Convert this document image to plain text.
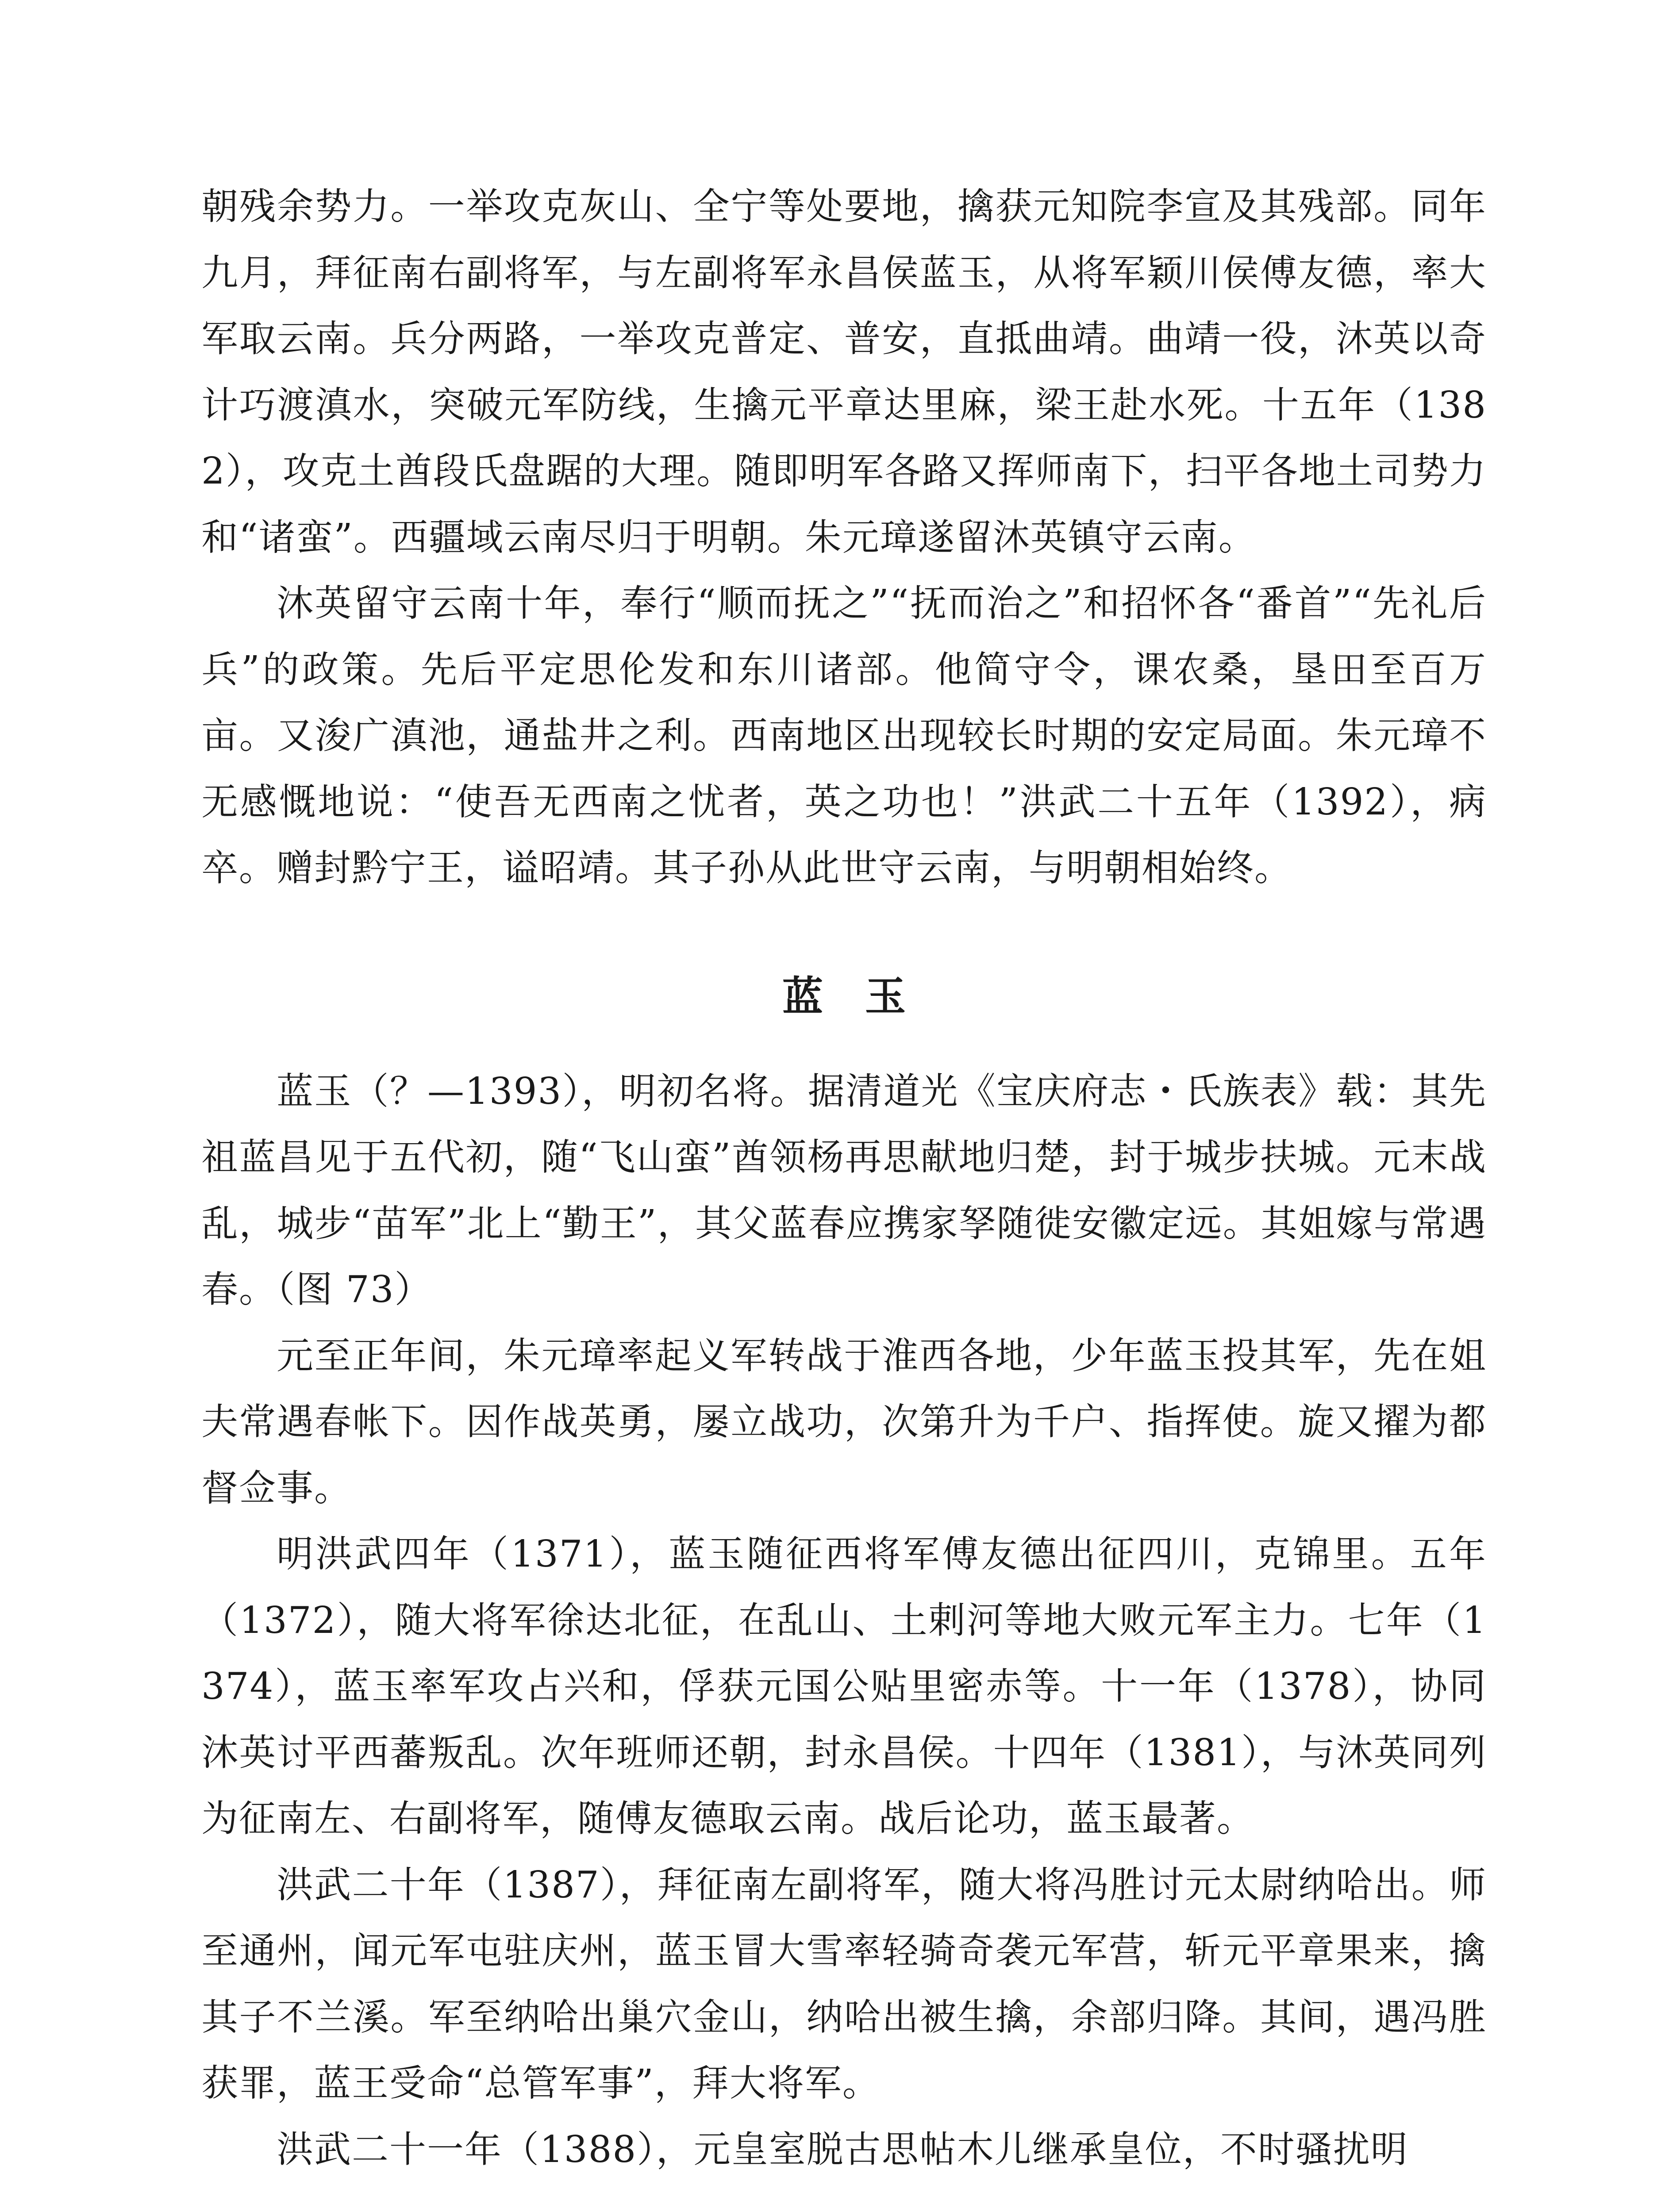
朝残余势力。一举攻克灰山、全宁等处要地，擒获元知院李宣及其残部。同年九月，拜征南右副将军，与左副将军永昌侯蓝玉，从将军颖川侯傅友德，率大军取云南。兵分两路，一举攻克普定、普安，直抵曲靖。曲靖一役，沐英以奇计巧渡滇水，突破元军防线，生擒元平章达里麻，梁王赴水死。十五年（1382），攻克土酋段氏盘踞的大理。随即明军各路又挥师南下，扫平各地土司势力和“诸蛮”。西疆域云南尽归于明朝。朱元璋遂留沐英镇守云南。

沐英留守云南十年，奉行“顺而抚之”“抚而治之”和招怀各“番首”“先礼后兵”的政策。先后平定思伦发和东川诸部。他简守令，课农桑，垦田至百万亩。又浚广滇池，通盐井之利。西南地区出现较长时期的安定局面。朱元璋不无感慨地说：“使吾无西南之忧者，英之功也！”洪武二十五年（1392），病卒。赠封黔宁王，谥昭靖。其子孙从此世守云南，与明朝相始终。

蓝玉

蓝玉（？—1393），明初名将。据清道光《宝庆府志・氏族表》载：其先祖蓝昌见于五代初，随“飞山蛮”酋领杨再思献地归楚，封于城步扶城。元末战乱，城步“苗军”北上“勤王”，其父蓝春应携家孥随徙安徽定远。其姐嫁与常遇春。（图 73）

元至正年间，朱元璋率起义军转战于淮西各地，少年蓝玉投其军，先在姐夫常遇春帐下。因作战英勇，屡立战功，次第升为千户、指挥使。旋又擢为都督佥事。

明洪武四年（1371），蓝玉随征西将军傅友德出征四川，克锦里。五年（1372），随大将军徐达北征，在乱山、土剌河等地大败元军主力。七年（1374），蓝玉率军攻占兴和，俘获元国公贴里密赤等。十一年（1378），协同沐英讨平西蕃叛乱。次年班师还朝，封永昌侯。十四年（1381），与沐英同列为征南左、右副将军，随傅友德取云南。战后论功，蓝玉最著。

洪武二十年（1387），拜征南左副将军，随大将冯胜讨元太尉纳哈出。师至通州，闻元军屯驻庆州，蓝玉冒大雪率轻骑奇袭元军营，斩元平章果来，擒其子不兰溪。军至纳哈出巢穴金山，纳哈出被生擒，余部归降。其间，遇冯胜获罪，蓝王受命“总管军事”，拜大将军。

洪武二十一年（1388），元皇室脱古思帖木儿继承皇位，不时骚扰明
